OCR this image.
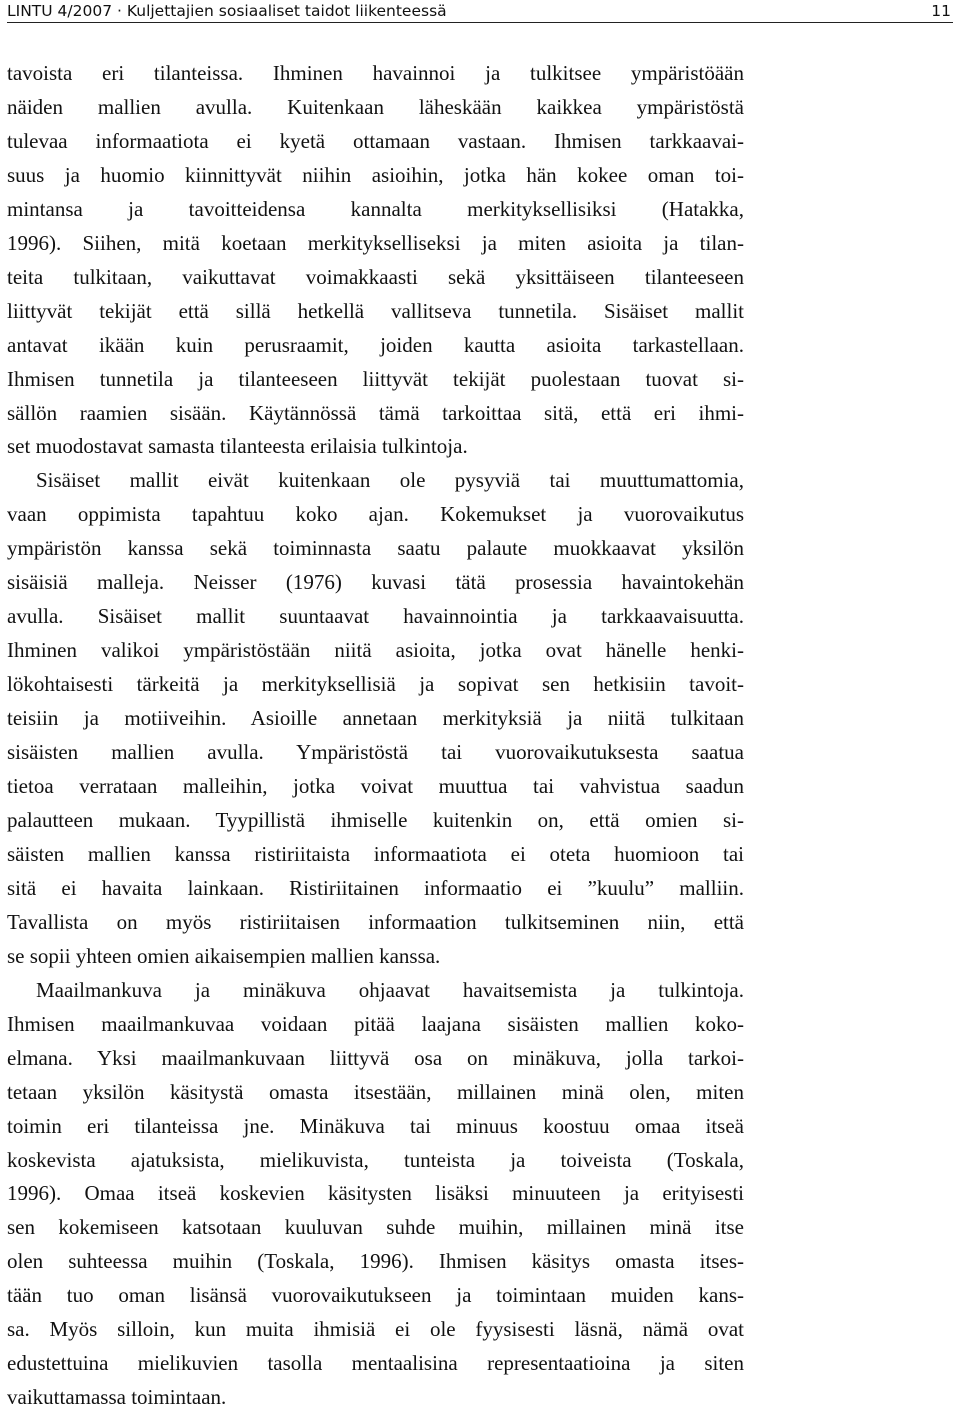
LINTU 4/2007 · Kuljettajien sosiaaliset taidot liikenteessä	11
tavoista eri tilanteissa. Ihminen havainnoi ja tulkitsee ympäristöään
näiden mallien avulla. Kuitenkaan läheskään kaikkea ympäristöstä
tulevaa informaatiota ei kyetä ottamaan vastaan. Ihmisen tarkkaavai-
suus ja huomio kiinnittyvät niihin asioihin, jotka hän kokee oman toi-
mintansa ja tavoitteidensa kannalta merkityksellisiksi (Hatakka,
1996). Siihen, mitä koetaan merkitykselliseksi ja miten asioita ja tilan-
teita tulkitaan, vaikuttavat voimakkaasti sekä yksittäiseen tilanteeseen
liittyvät tekijät että sillä hetkellä vallitseva tunnetila. Sisäiset mallit
antavat ikään kuin perusraamit, joiden kautta asioita tarkastellaan.
Ihmisen tunnetila ja tilanteeseen liittyvät tekijät puolestaan tuovat si-
sällön raamien sisään. Käytännössä tämä tarkoittaa sitä, että eri ihmi-
set muodostavat samasta tilanteesta erilaisia tulkintoja.
Sisäiset mallit eivät kuitenkaan ole pysyviä tai muuttumattomia,
vaan oppimista tapahtuu koko ajan. Kokemukset ja vuorovaikutus
ympäristön kanssa sekä toiminnasta saatu palaute muokkaavat yksilön
sisäisiä malleja. Neisser (1976) kuvasi tätä prosessia havaintokehän
avulla. Sisäiset mallit suuntaavat havainnointia ja tarkkaavaisuutta.
Ihminen valikoi ympäristöstään niitä asioita, jotka ovat hänelle henki-
lökohtaisesti tärkeitä ja merkityksellisiä ja sopivat sen hetkisiin tavoit-
teisiin ja motiiveihin. Asioille annetaan merkityksiä ja niitä tulkitaan
sisäisten mallien avulla. Ympäristöstä tai vuorovaikutuksesta saatua
tietoa verrataan malleihin, jotka voivat muuttua tai vahvistua saadun
palautteen mukaan. Tyypillistä ihmiselle kuitenkin on, että omien si-
säisten mallien kanssa ristiriitaista informaatiota ei oteta huomioon tai
sitä ei havaita lainkaan. Ristiriitainen informaatio ei ”kuulu” malliin.
Tavallista on myös ristiriitaisen informaation tulkitseminen niin, että
se sopii yhteen omien aikaisempien mallien kanssa.
Maailmankuva ja minäkuva ohjaavat havaitsemista ja tulkintoja.
Ihmisen maailmankuvaa voidaan pitää laajana sisäisten mallien koko-
elmana. Yksi maailmankuvaan liittyvä osa on minäkuva, jolla tarkoi-
tetaan yksilön käsitystä omasta itsestään, millainen minä olen, miten
toimin eri tilanteissa jne. Minäkuva tai minuus koostuu omaa itseä
koskevista ajatuksista, mielikuvista, tunteista ja toiveista (Toskala,
1996). Omaa itseä koskevien käsitysten lisäksi minuuteen ja erityisesti
sen kokemiseen katsotaan kuuluvan suhde muihin, millainen minä itse
olen suhteessa muihin (Toskala, 1996). Ihmisen käsitys omasta itses-
tään tuo oman lisänsä vuorovaikutukseen ja toimintaan muiden kans-
sa. Myös silloin, kun muita ihmisiä ei ole fyysisesti läsnä, nämä ovat
edustettuina mielikuvien tasolla mentaalisina representaatioina ja siten
vaikuttamassa toimintaan.
